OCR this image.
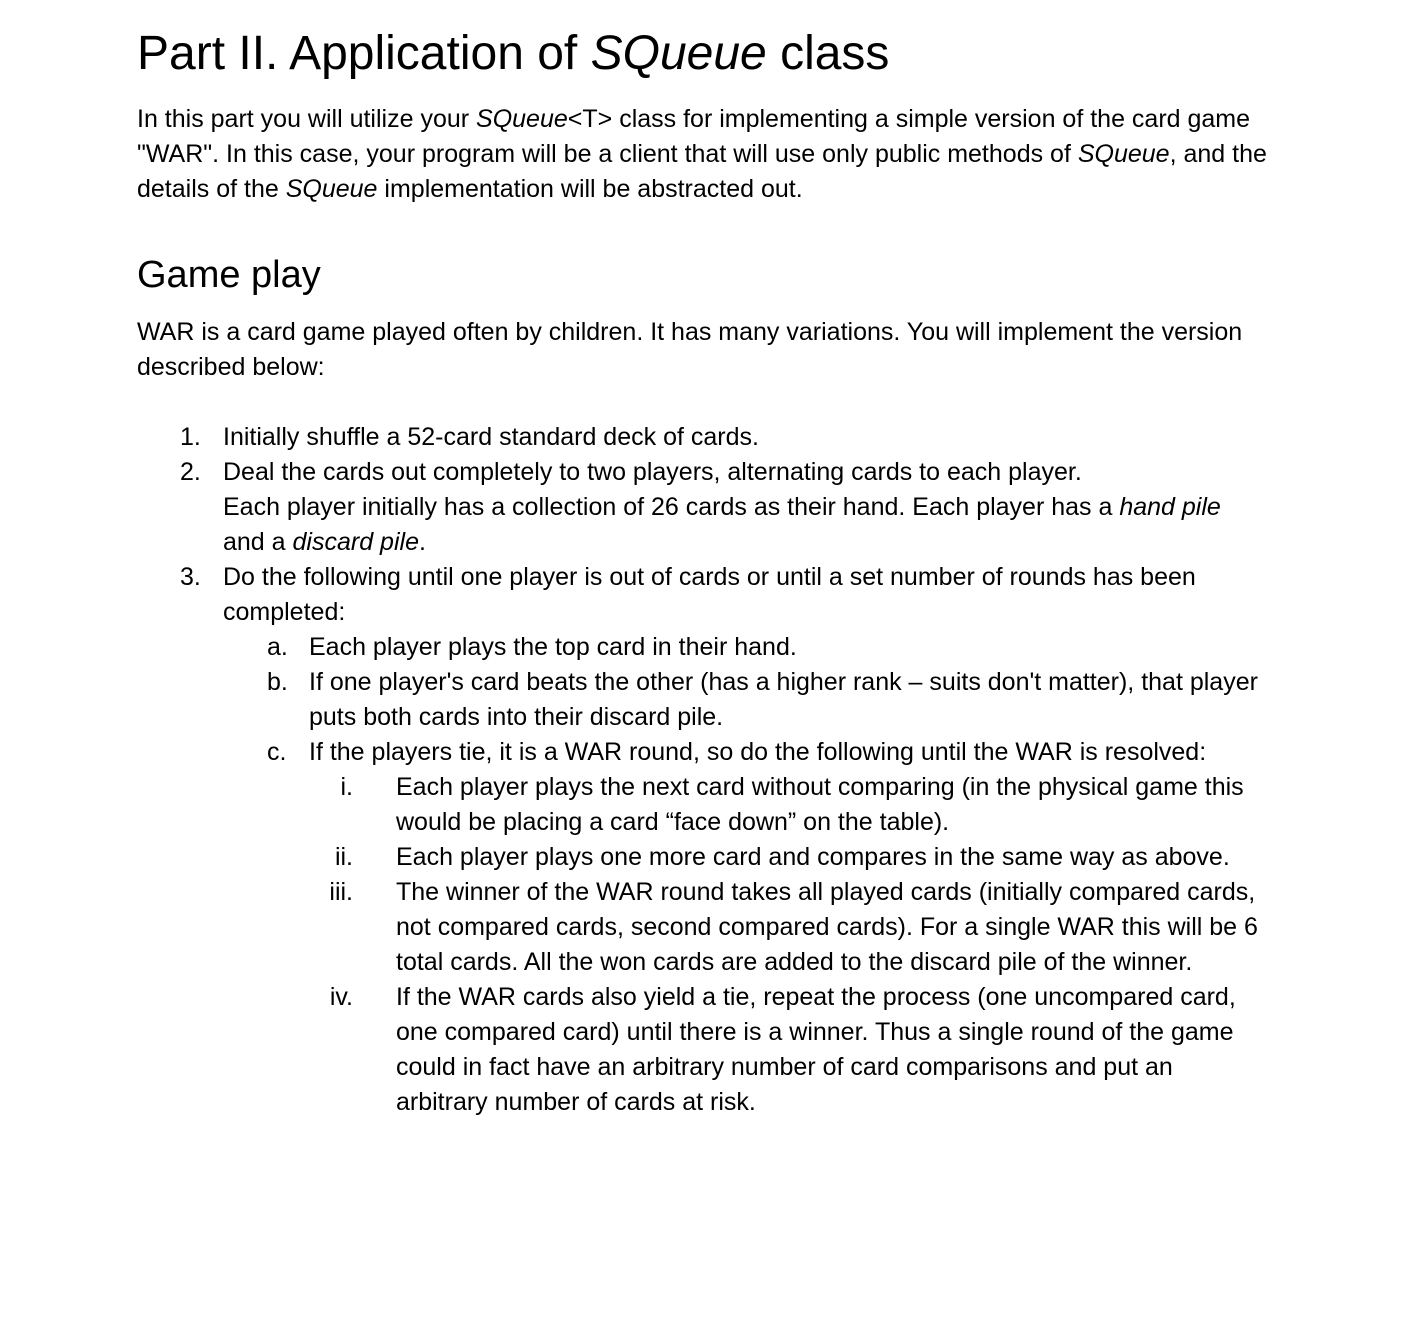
Part II. Application of SQueue class

In this part you will utilize your SQueue<T> class for implementing a simple version of the card game "WAR". In this case, your program will be a client that will use only public methods of SQueue, and the details of the SQueue implementation will be abstracted out.

Game play

WAR is a card game played often by children. It has many variations. You will implement the version described below:

1. Initially shuffle a 52-card standard deck of cards.
2. Deal the cards out completely to two players, alternating cards to each player.
Each player initially has a collection of 26 cards as their hand. Each player has a hand pile and a discard pile.
3. Do the following until one player is out of cards or until a set number of rounds has been completed:
a. Each player plays the top card in their hand.
b. If one player's card beats the other (has a higher rank – suits don't matter), that player puts both cards into their discard pile.
c. If the players tie, it is a WAR round, so do the following until the WAR is resolved:
i. Each player plays the next card without comparing (in the physical game this would be placing a card “face down” on the table).
ii. Each player plays one more card and compares in the same way as above.
iii. The winner of the WAR round takes all played cards (initially compared cards, not compared cards, second compared cards). For a single WAR this will be 6 total cards. All the won cards are added to the discard pile of the winner.
iv. If the WAR cards also yield a tie, repeat the process (one uncompared card, one compared card) until there is a winner. Thus a single round of the game could in fact have an arbitrary number of card comparisons and put an arbitrary number of cards at risk.
